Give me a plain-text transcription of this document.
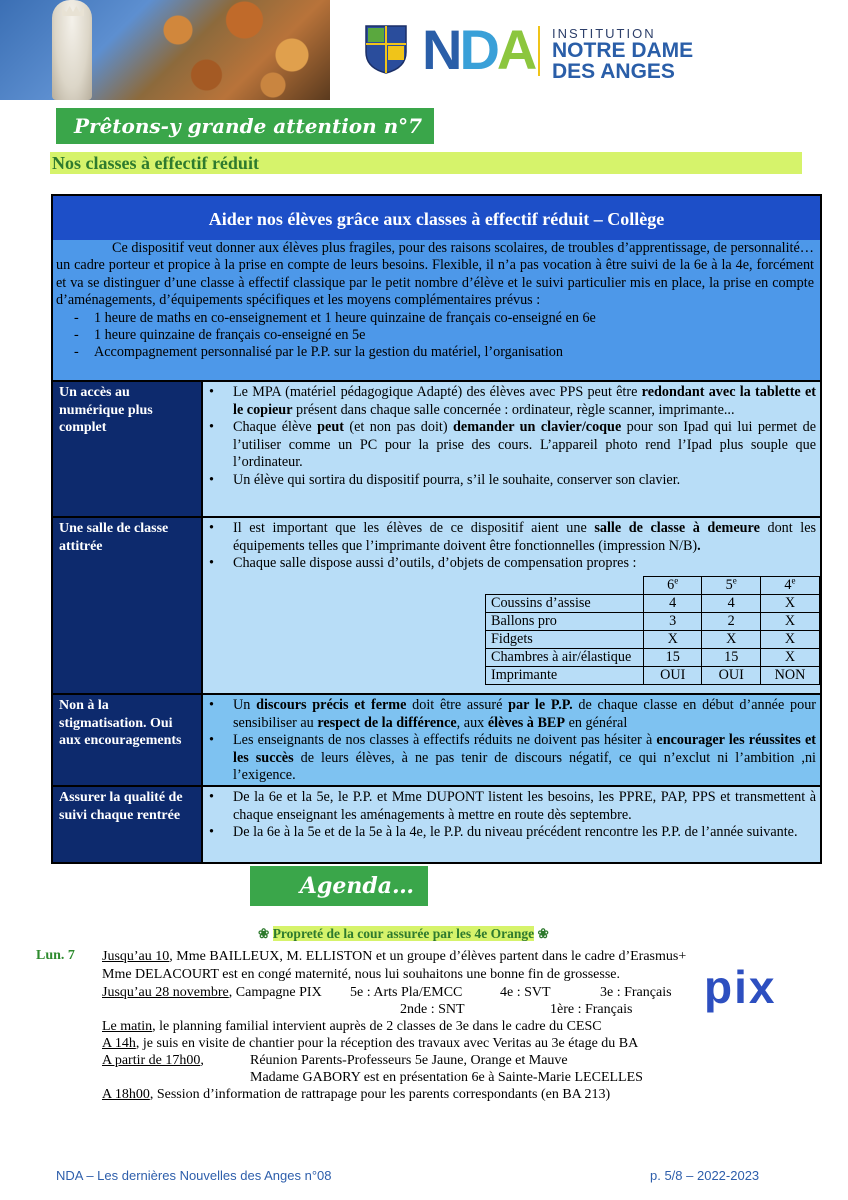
NDA INSTITUTION
NOTRE DAME
DES ANGES
Prêtons-y grande attention n°7
Nos classes à effectif réduit
Aider nos élèves grâce aux classes à effectif réduit – Collège

Ce dispositif veut donner aux élèves plus fragiles, pour des raisons scolaires, de troubles d’apprentissage, de personnalité… un cadre porteur et propice à la prise en compte de leurs besoins. Flexible, il n’a pas vocation à être suivi de la 6e à la 4e, forcément et va se distinguer d’une classe à effectif classique par le petit nombre d’élève et le suivi particulier mis en place, la prise en compte d’aménagements, d’équipements spécifiques et les moyens complémentaires prévus :

- 1 heure de maths en co-enseignement et 1 heure quinzaine de français co-enseigné en 6e
- 1 heure quinzaine de français co-enseigné en 5e
- Accompagnement personnalisé par le P.P. sur la gestion du matériel, l’organisation
Un accès au numérique plus complet
• Le MPA (matériel pédagogique Adapté) des élèves avec PPS peut être redondant avec la tablette et le copieur présent dans chaque salle concernée : ordinateur, règle scanner, imprimante...
• Chaque élève peut (et non pas doit) demander un clavier/coque pour son Ipad qui lui permet de l’utiliser comme un PC pour la prise des cours. L’appareil photo rend l’Ipad plus souple que l’ordinateur.
• Un élève qui sortira du dispositif pourra, s’il le souhaite, conserver son clavier.
Une salle de classe attitrée
• Il est important que les élèves de ce dispositif aient une salle de classe à demeure dont les équipements telles que l’imprimante doivent être fonctionnelles (impression N/B).
• Chaque salle dispose aussi d’outils, d’objets de compensation propres :
	6e	5e	4e
Coussins d’assise	4	4	X
Ballons pro	3	2	X
Fidgets	X	X	X
Chambres à air/élastique	15	15	X
Imprimante	OUI	OUI	NON
Non à la stigmatisation. Oui aux encouragements
• Un discours précis et ferme doit être assuré par le P.P. de chaque classe en début d’année pour sensibiliser au respect de la différence, aux élèves à BEP en général
• Les enseignants de nos classes à effectifs réduits ne doivent pas hésiter à encourager les réussites et les succès de leurs élèves, à ne pas tenir de discours négatif, ce qui n’exclut ni l’ambition ,ni l’exigence.
Assurer la qualité de suivi chaque rentrée
• De la 6e et la 5e, le P.P. et Mme DUPONT listent les besoins, les PPRE, PAP, PPS et transmettent à chaque enseignant les aménagements à mettre en route dès septembre.
• De la 6e à la 5e et de la 5e à la 4e, le P.P. du niveau précédent rencontre les P.P. de l’année suivante.
Agenda…
❀ Propreté de la cour assurée par les 4e Orange ❀
Lun. 7 Jusqu’au 10, Mme BAILLEUX, M. ELLISTON et un groupe d’élèves partent dans le cadre d’Erasmus+
Mme DELACOURT est en congé maternité, nous lui souhaitons une bonne fin de grossesse.
Jusqu’au 28 novembre, Campagne PIX 5e : Arts Pla/EMCC	4e : SVT	3e : Français
2nde : SNT	1ère : Français
Le matin, le planning familial intervient auprès de 2 classes de 3e dans le cadre du CESC
A 14h, je suis en visite de chantier pour la réception des travaux avec Veritas au 3e étage du BA
A partir de 17h00,	Réunion Parents-Professeurs 5e Jaune, Orange et Mauve
Madame GABORY est en présentation 6e à Sainte-Marie LECELLES
A 18h00, Session d’information de rattrapage pour les parents correspondants (en BA 213)
pix
NDA – Les dernières Nouvelles des Anges n°08	p. 5/8 – 2022-2023
